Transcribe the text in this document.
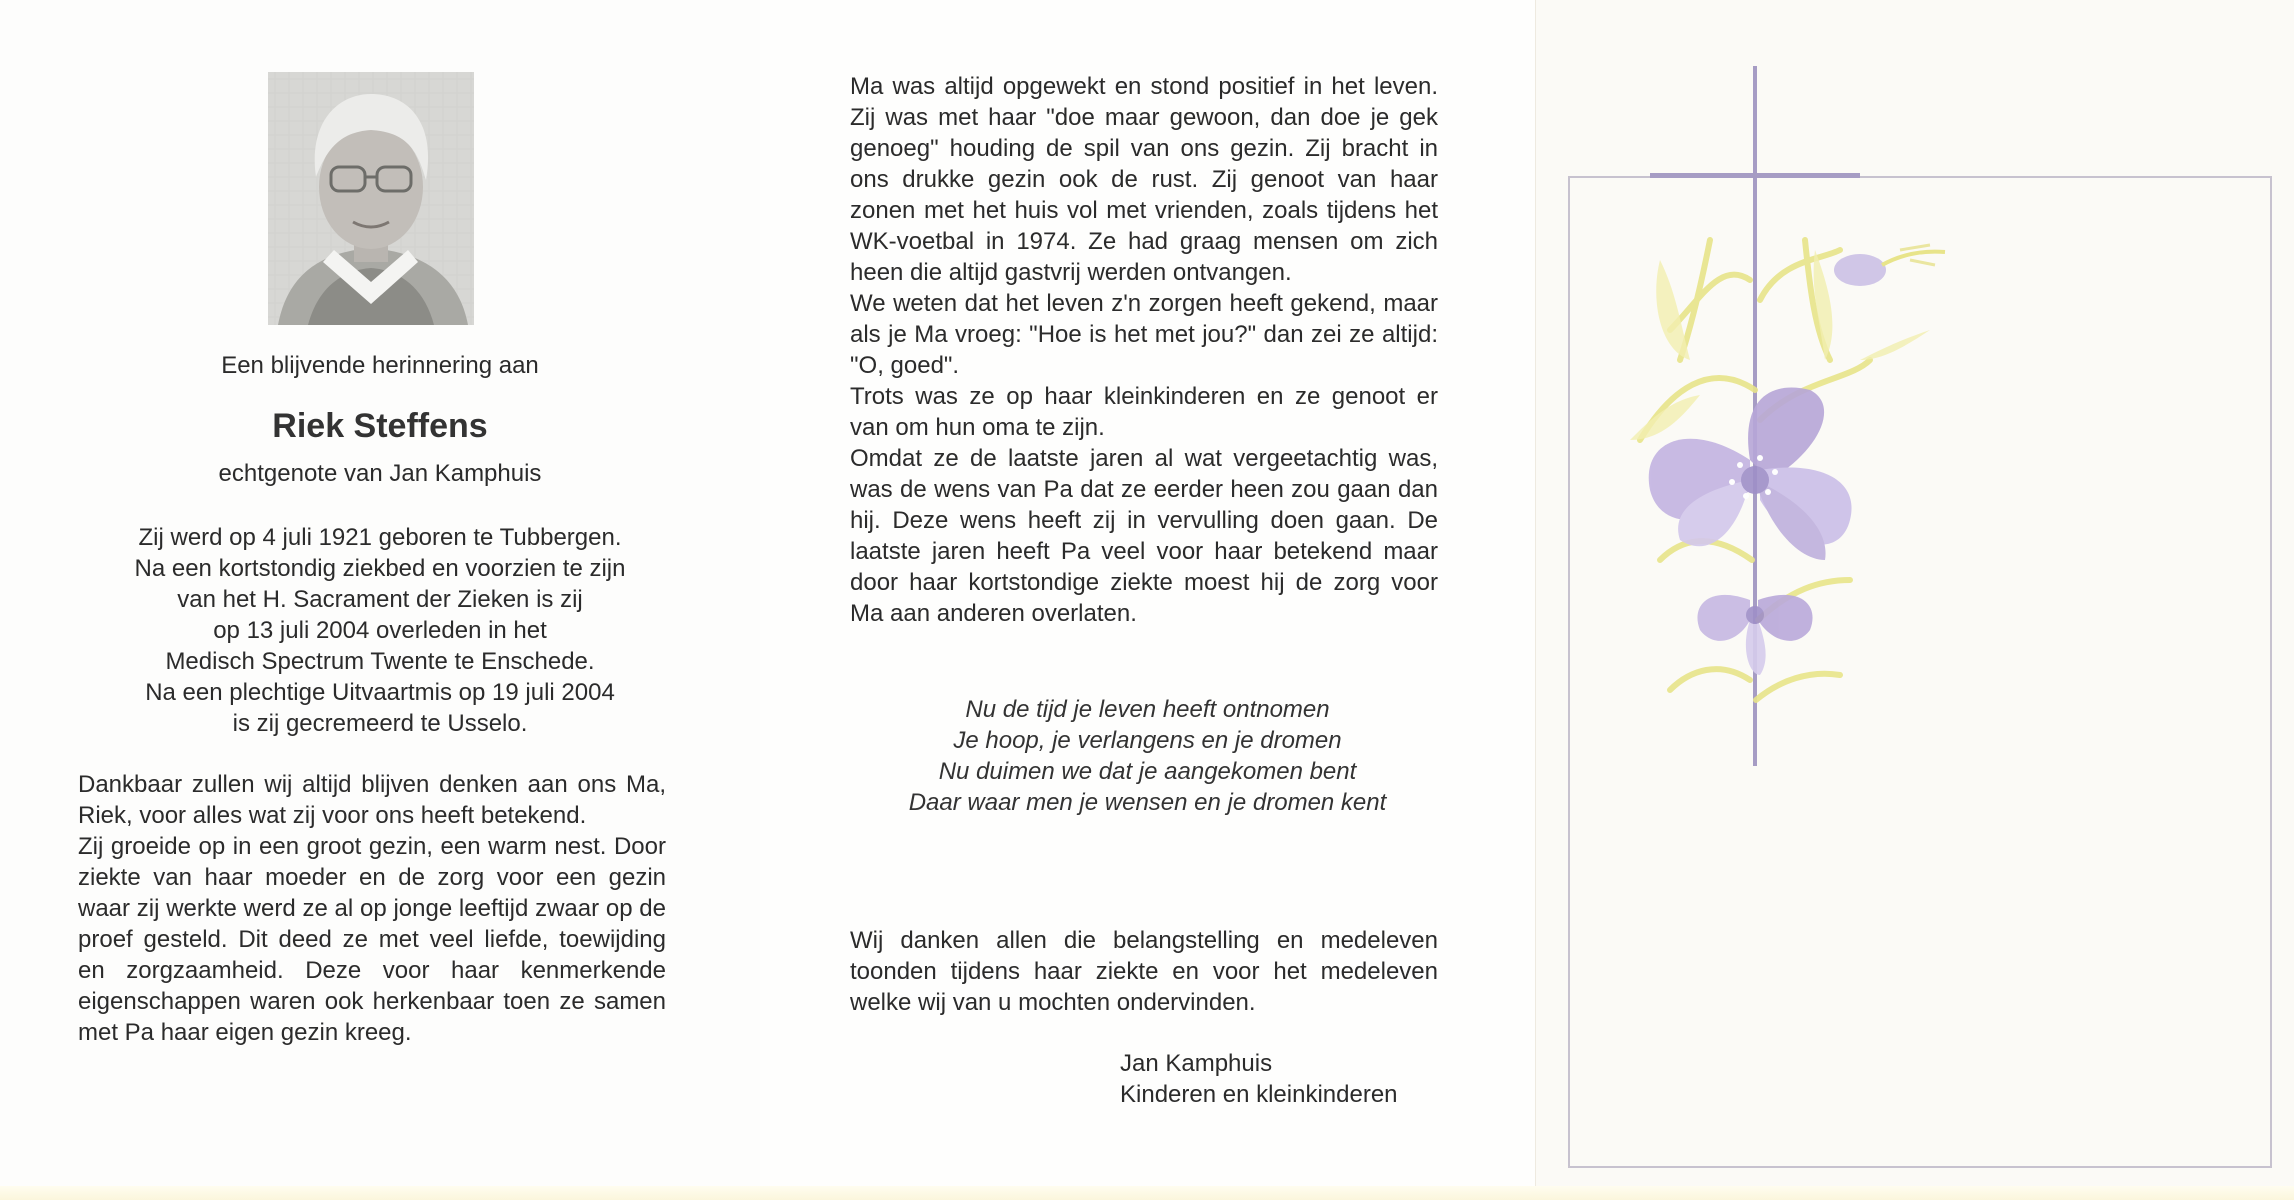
Een blijvende herinnering aan
Riek Steffens
echtgenote van Jan Kamphuis
Zij werd op 4 juli 1921 geboren te Tubbergen.
Na een kortstondig ziekbed en voorzien te zijn
van het H. Sacrament der Zieken is zij
op 13 juli 2004 overleden in het
Medisch Spectrum Twente te Enschede.
Na een plechtige Uitvaartmis op 19 juli 2004
is zij gecremeerd te Usselo.
Dankbaar zullen wij altijd blijven denken aan ons Ma, Riek, voor alles wat zij voor ons heeft betekend.
Zij groeide op in een groot gezin, een warm nest. Door ziekte van haar moeder en de zorg voor een gezin waar zij werkte werd ze al op jonge leeftijd zwaar op de proef gesteld. Dit deed ze met veel liefde, toewijding en zorgzaamheid. Deze voor haar kenmerkende eigenschappen waren ook herkenbaar toen ze samen met Pa haar eigen gezin kreeg.
Ma was altijd opgewekt en stond positief in het leven. Zij was met haar "doe maar gewoon, dan doe je gek genoeg" houding de spil van ons gezin. Zij bracht in ons drukke gezin ook de rust. Zij genoot van haar zonen met het huis vol met vrienden, zoals tijdens het WK-voetbal in 1974. Ze had graag mensen om zich heen die altijd gastvrij werden ontvangen.
We weten dat het leven z'n zorgen heeft gekend, maar als je Ma vroeg: "Hoe is het met jou?" dan zei ze altijd: "O, goed".
Trots was ze op haar kleinkinderen en ze genoot er van om hun oma te zijn.
Omdat ze de laatste jaren al wat vergeetachtig was, was de wens van Pa dat ze eerder heen zou gaan dan hij. Deze wens heeft zij in vervulling doen gaan. De laatste jaren heeft Pa veel voor haar betekend maar door haar kortstondige ziekte moest hij de zorg voor Ma aan anderen overlaten.
Nu de tijd je leven heeft ontnomen
Je hoop, je verlangens en je dromen
Nu duimen we dat je aangekomen bent
Daar waar men je wensen en je dromen kent
Wij danken allen die belangstelling en medeleven toonden tijdens haar ziekte en voor het medeleven welke wij van u mochten ondervinden.
Jan Kamphuis
Kinderen en kleinkinderen
